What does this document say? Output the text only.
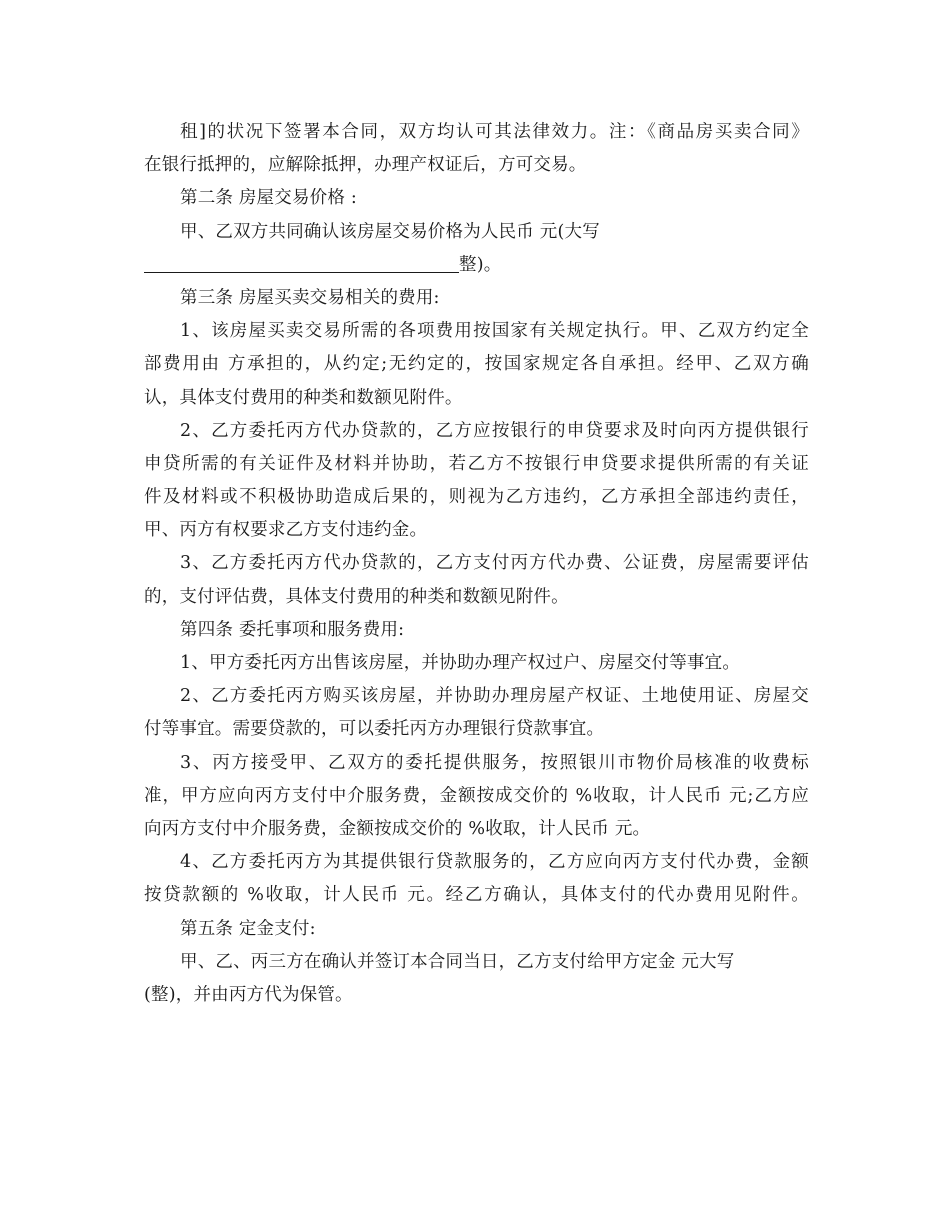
租]的状况下签署本合同，双方均认可其法律效力。注：《商品房买卖合同》
在银行抵押的，应解除抵押，办理产权证后，方可交易。
第二条 房屋交易价格 :
甲、乙双方共同确认该房屋交易价格为人民币 元(大写
整)。
第三条 房屋买卖交易相关的费用:
1、该房屋买卖交易所需的各项费用按国家有关规定执行。甲、乙双方约定全
部费用由 方承担的，从约定;无约定的，按国家规定各自承担。经甲、乙双方确
认，具体支付费用的种类和数额见附件。
2、乙方委托丙方代办贷款的，乙方应按银行的申贷要求及时向丙方提供银行
申贷所需的有关证件及材料并协助，若乙方不按银行申贷要求提供所需的有关证
件及材料或不积极协助造成后果的，则视为乙方违约，乙方承担全部违约责任，
甲、丙方有权要求乙方支付违约金。
3、乙方委托丙方代办贷款的，乙方支付丙方代办费、公证费，房屋需要评估
的，支付评估费，具体支付费用的种类和数额见附件。
第四条 委托事项和服务费用:
1、甲方委托丙方出售该房屋，并协助办理产权过户、房屋交付等事宜。
2、乙方委托丙方购买该房屋，并协助办理房屋产权证、土地使用证、房屋交
付等事宜。需要贷款的，可以委托丙方办理银行贷款事宜。
3、丙方接受甲、乙双方的委托提供服务，按照银川市物价局核准的收费标
准，甲方应向丙方支付中介服务费，金额按成交价的 %收取，计人民币 元;乙方应
向丙方支付中介服务费，金额按成交价的 %收取，计人民币 元。
4、乙方委托丙方为其提供银行贷款服务的，乙方应向丙方支付代办费，金额
按贷款额的 %收取，计人民币 元。经乙方确认，具体支付的代办费用见附件。
第五条 定金支付:
甲、乙、丙三方在确认并签订本合同当日，乙方支付给甲方定金 元大写
(整)，并由丙方代为保管。
